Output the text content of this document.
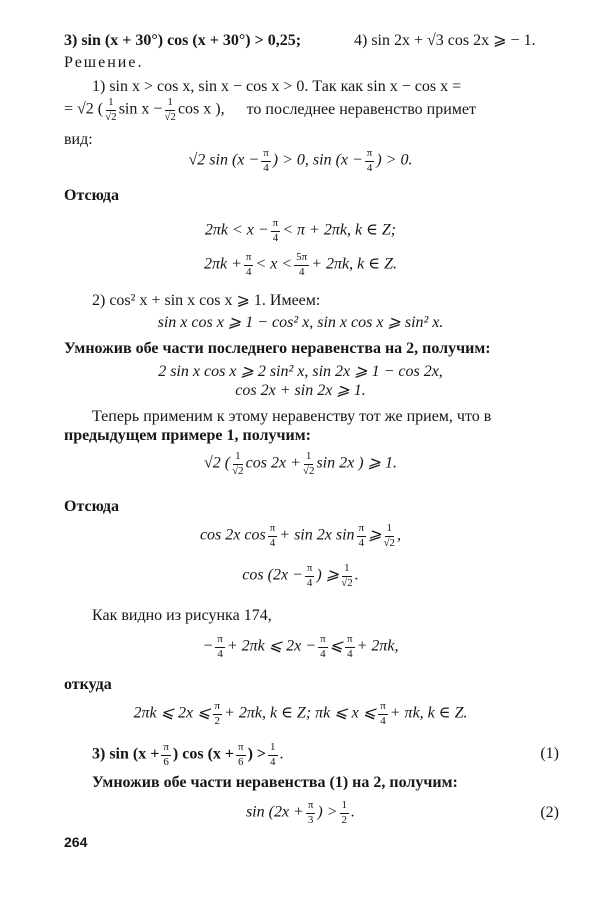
3) sin (x + 30°) cos (x + 30°) > 0,25;	4) sin 2x + √3 cos 2x ⩾ − 1.
Решение.
1) sin x > cos x, sin x − cos x > 0. Так как sin x − cos x =
= √2 ( $\frac{1}{√2}$ $\sin x - \frac{1}{√2}$ cos x ), то последнее неравенство примет
вид:
√2 $\sin (x - \frac{\pi}{4}$ ) > 0, $\sin (x - \frac{\pi}{4}$ ) > 0.
Отсюда
$2\pi k < x - \frac{\pi}{4} < \pi + 2\pi k$, k ∈ Z;
$2\pi k + \frac{\pi}{4} < x < \frac{5\pi}{4} + 2\pi k$, k ∈ Z.
2) cos² x + sin x cos x ⩾ 1. Имеем:
sin x cos x ⩾ 1 − cos² x, sin x cos x ⩾ sin² x.
Умножив обе части последнего неравенства на 2, получим:
2 sin x cos x ⩾ 2 sin² x, sin 2x ⩾ 1 − cos 2x,
cos 2x + sin 2x ⩾ 1.
Теперь применим к этому неравенству тот же прием, что в
предыдущем примере 1, получим:
√2 ( $\frac{1}{√2}$ $\cos 2x + \frac{1}{√2}$ sin 2x ) ⩾ 1.
Отсюда
cos 2x $\cos \frac{\pi}{4} + \sin 2x$ $\sin \frac{\pi}{4}$ ⩾ $\frac{1}{√2}$ ,
$\cos (2x - \frac{\pi}{4}$ ) ⩾ $\frac{1}{√2}$ .
Как видно из рисунка 174,
− $\frac{\pi}{4} + 2\pi k$ ⩽ $2x - \frac{\pi}{4}$ ⩽ $\frac{\pi}{4} + 2\pi k$,
откуда
2πk ⩽ 2x ⩽ $\frac{\pi}{2} + 2\pi k$, k ∈ Z; πk ⩽ x ⩽ $\frac{\pi}{4} + \pi k$, k ∈ Z.
3) $\sin (x + \frac{\pi}{6}$ ) $\cos (x + \frac{\pi}{6}$ ) > $\frac{1}{4}$ .	(1)
Умножив обе части неравенства (1) на 2, получим:
$\sin (2x + \frac{\pi}{3}$ ) > $\frac{1}{2}$ .	(2)
264
